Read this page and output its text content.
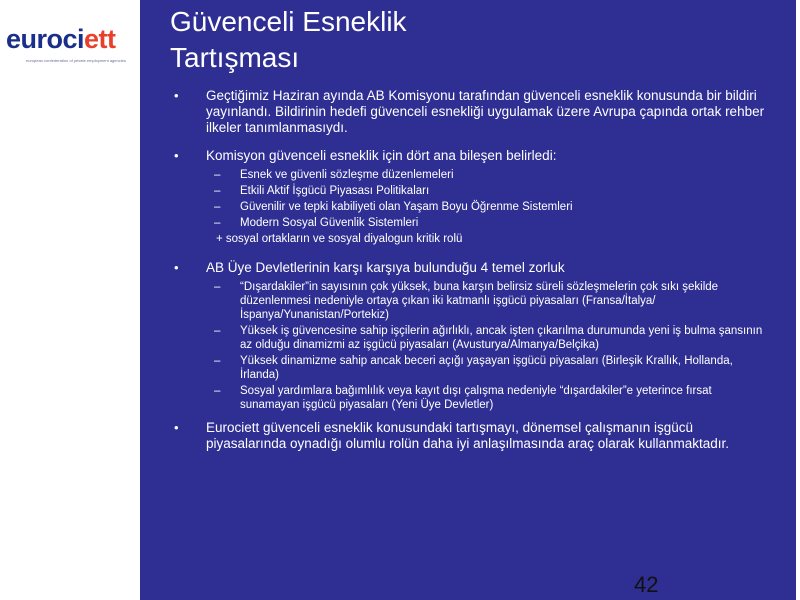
eurociett
european confederation of private employment agencies
Güvenceli Esneklik
Tartışması
• Geçtiğimiz Haziran ayında AB Komisyonu tarafından güvenceli esneklik konusunda bir bildiri yayınlandı. Bildirinin hedefi güvenceli esnekliği uygulamak üzere Avrupa çapında ortak rehber ilkeler tanımlanmasıydı.
• Komisyon güvenceli esneklik için dört ana bileşen belirledi:
– Esnek ve güvenli sözleşme düzenlemeleri
– Etkili Aktif İşgücü Piyasası Politikaları
– Güvenilir ve tepki kabiliyeti olan Yaşam Boyu Öğrenme Sistemleri
– Modern Sosyal Güvenlik Sistemleri
+ sosyal ortakların ve sosyal diyalogun kritik rolü
• AB Üye Devletlerinin karşı karşıya bulunduğu 4 temel zorluk
– “Dışardakiler”in sayısının çok yüksek, buna karşın belirsiz süreli sözleşmelerin çok sıkı şekilde düzenlenmesi nedeniyle ortaya çıkan iki katmanlı işgücü piyasaları (Fransa/İtalya/İspanya/Yunanistan/Portekiz)
– Yüksek iş güvencesine sahip işçilerin ağırlıklı, ancak işten çıkarılma durumunda yeni iş bulma şansının az olduğu dinamizmi az işgücü piyasaları (Avusturya/Almanya/Belçika)
– Yüksek dinamizme sahip ancak beceri açığı yaşayan işgücü piyasaları (Birleşik Krallık, Hollanda, İrlanda)
– Sosyal yardımlara bağımlılık veya kayıt dışı çalışma nedeniyle “dışardakiler”e yeterince fırsat sunamayan işgücü piyasaları (Yeni Üye Devletler)
• Eurociett güvenceli esneklik konusundaki tartışmayı, dönemsel çalışmanın işgücü piyasalarında oynadığı olumlu rolün daha iyi anlaşılmasında araç olarak kullanmaktadır.
42
